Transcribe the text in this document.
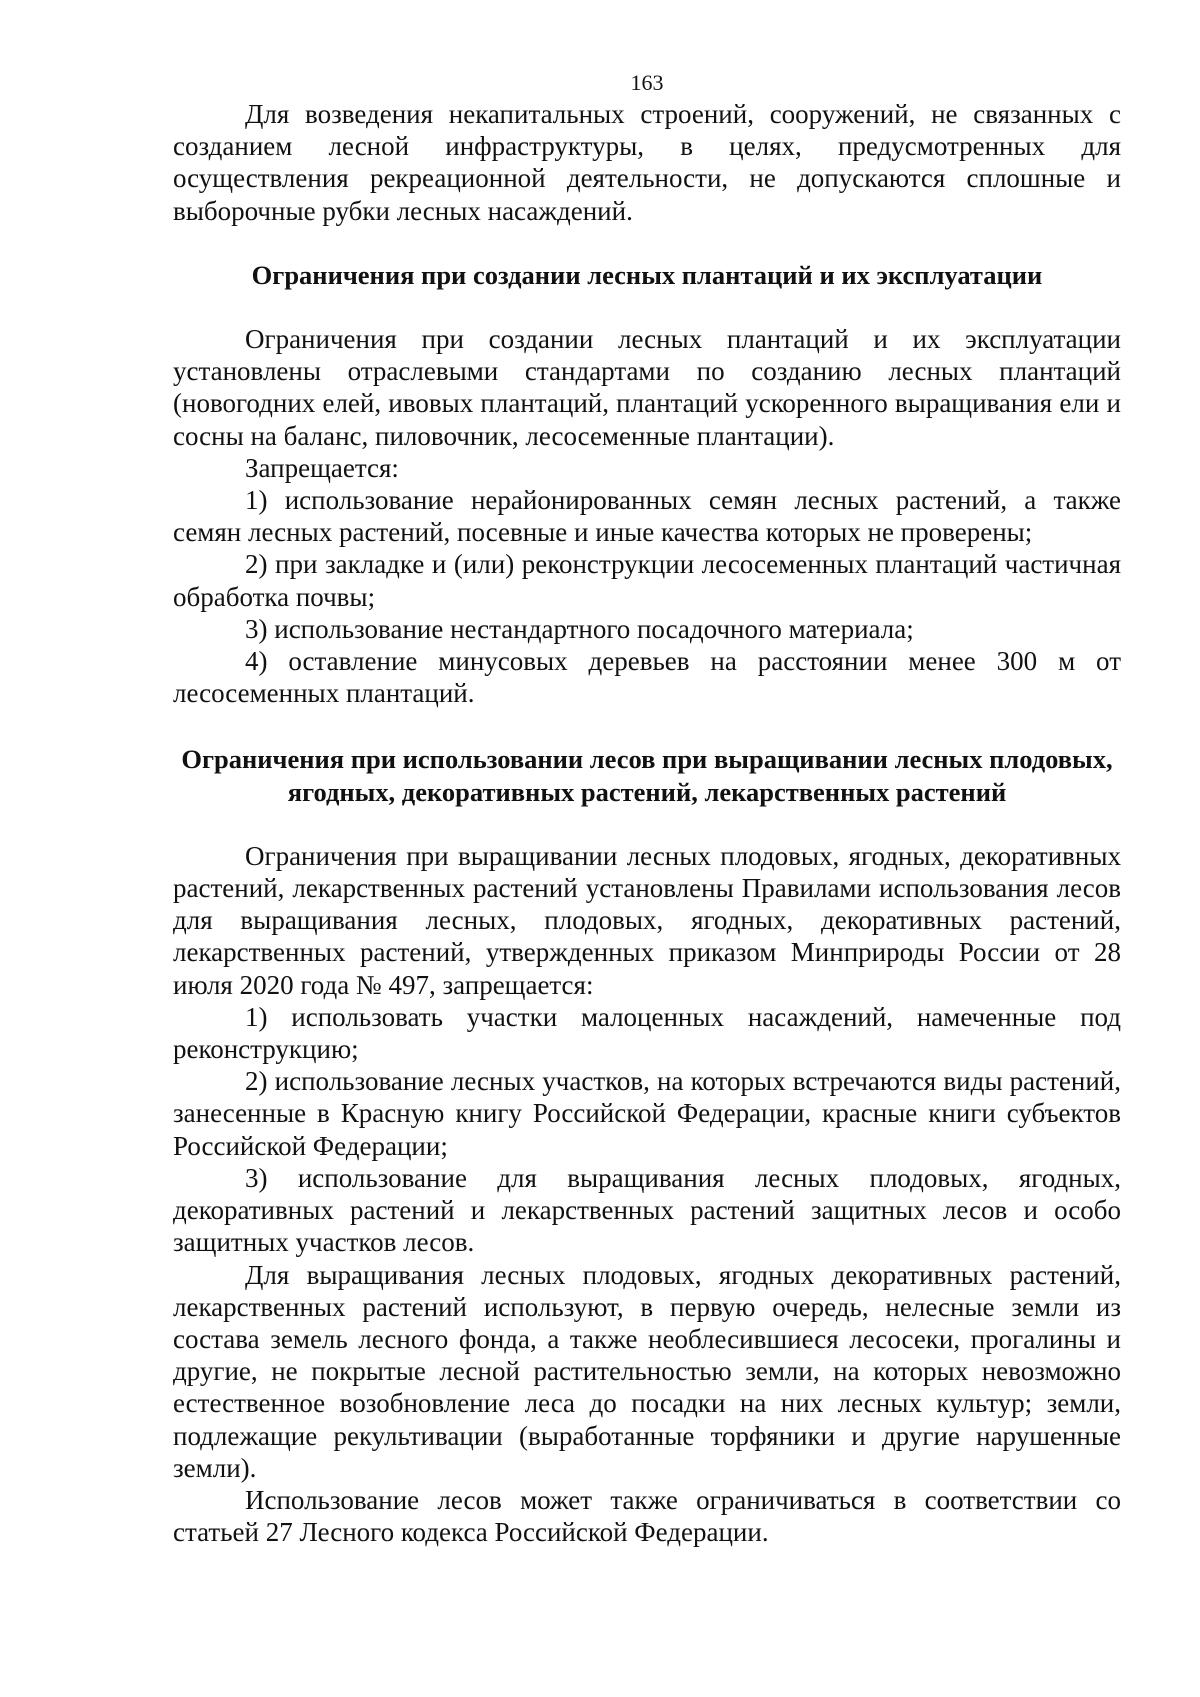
163

Для возведения некапитальных строений, сооружений, не связанных с созданием лесной инфраструктуры, в целях, предусмотренных для осуществления рекреационной деятельности, не допускаются сплошные и выборочные рубки лесных насаждений.

Ограничения при создании лесных плантаций и их эксплуатации

Ограничения при создании лесных плантаций и их эксплуатации установлены отраслевыми стандартами по созданию лесных плантаций (новогодних елей, ивовых плантаций, плантаций ускоренного выращивания ели и сосны на баланс, пиловочник, лесосеменные плантации).

Запрещается:

1) использование нерайонированных семян лесных растений, а также семян лесных растений, посевные и иные качества которых не проверены;

2) при закладке и (или) реконструкции лесосеменных плантаций частичная обработка почвы;

3) использование нестандартного посадочного материала;

4) оставление минусовых деревьев на расстоянии менее 300 м от лесосеменных плантаций.

Ограничения при использовании лесов при выращивании лесных плодовых, ягодных, декоративных растений, лекарственных растений

Ограничения при выращивании лесных плодовых, ягодных, декоративных растений, лекарственных растений установлены Правилами использования лесов для выращивания лесных, плодовых, ягодных, декоративных растений, лекарственных растений, утвержденных приказом Минприроды России от 28 июля 2020 года № 497, запрещается:

1) использовать участки малоценных насаждений, намеченные под реконструкцию;

2) использование лесных участков, на которых встречаются виды растений, занесенные в Красную книгу Российской Федерации, красные книги субъектов Российской Федерации;

3) использование для выращивания лесных плодовых, ягодных, декоративных растений и лекарственных растений защитных лесов и особо защитных участков лесов.

Для выращивания лесных плодовых, ягодных декоративных растений, лекарственных растений используют, в первую очередь, нелесные земли из состава земель лесного фонда, а также необлесившиеся лесосеки, прогалины и другие, не покрытые лесной растительностью земли, на которых невозможно естественное возобновление леса до посадки на них лесных культур; земли, подлежащие рекультивации (выработанные торфяники и другие нарушенные земли).

Использование лесов может также ограничиваться в соответствии со статьей 27 Лесного кодекса Российской Федерации.
